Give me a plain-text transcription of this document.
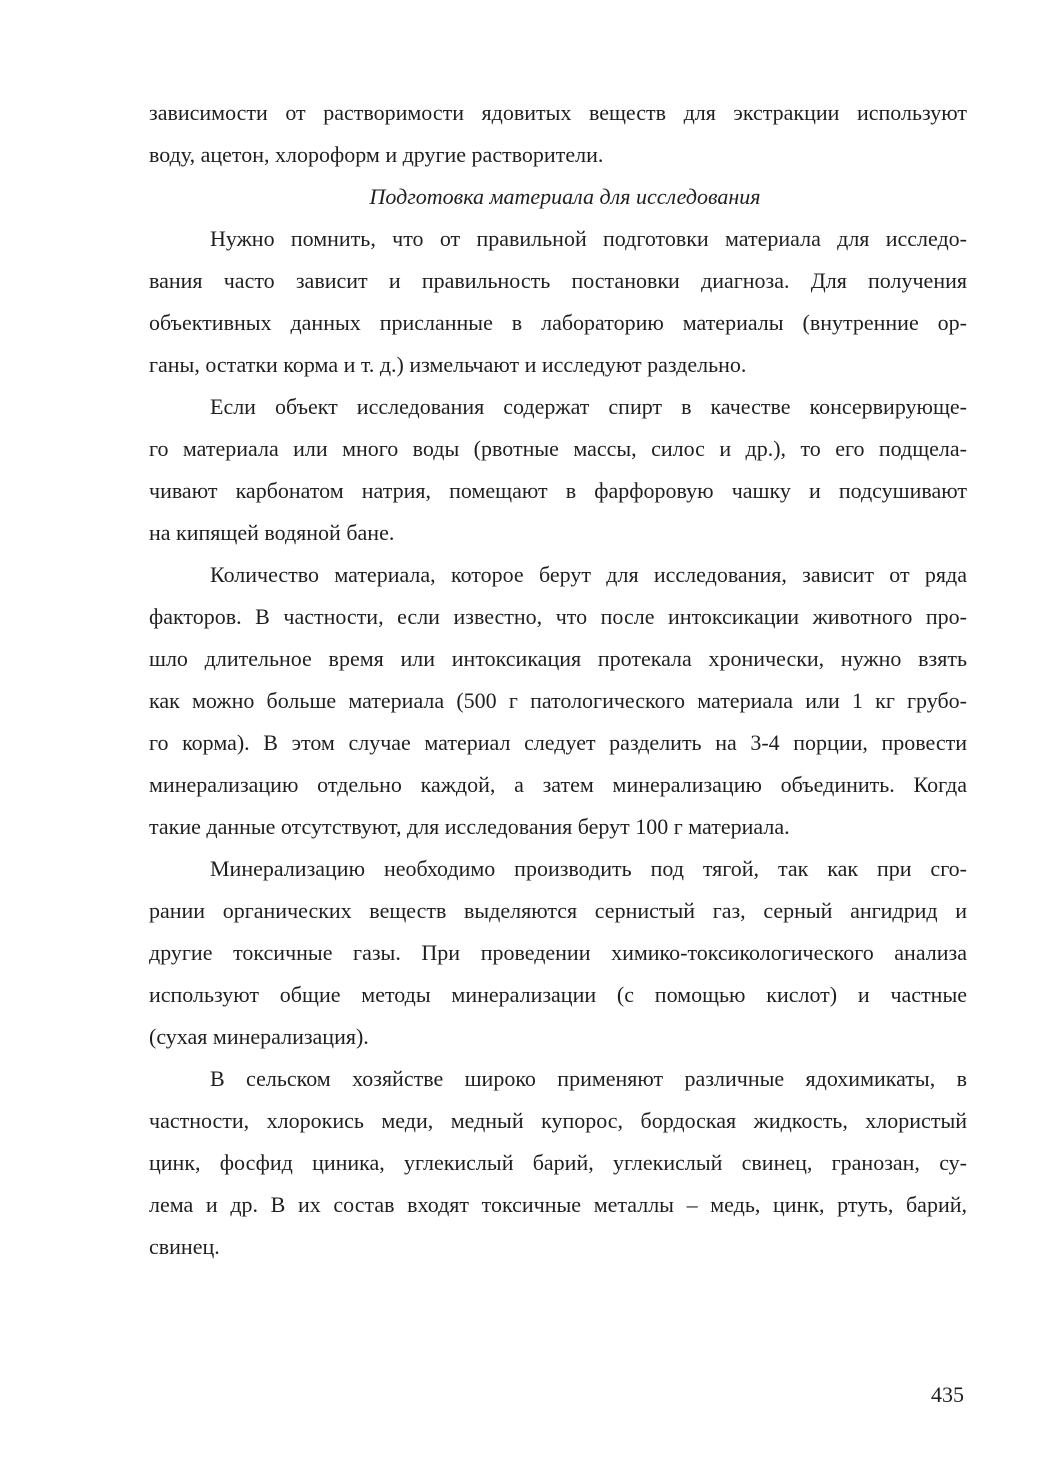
зависимости от растворимости ядовитых веществ для экстракции используют
воду, ацетон, хлороформ и другие растворители.
Подготовка материала для исследования
Нужно помнить, что от правильной подготовки материала для исследо-
вания часто зависит и правильность постановки диагноза. Для получения
объективных данных присланные в лабораторию материалы (внутренние ор-
ганы, остатки корма и т. д.) измельчают и исследуют раздельно.
Если объект исследования содержат спирт в качестве консервирующе-
го материала или много воды (рвотные массы, силос и др.), то его подщела-
чивают карбонатом натрия, помещают в фарфоровую чашку и подсушивают
на кипящей водяной бане.
Количество материала, которое берут для исследования, зависит от ряда
факторов. В частности, если известно, что после интоксикации животного про-
шло длительное время или интоксикация протекала хронически, нужно взять
как можно больше материала (500 г патологического материала или 1 кг грубо-
го корма). В этом случае материал следует разделить на 3-4 порции, провести
минерализацию отдельно каждой, а затем минерализацию объединить. Когда
такие данные отсутствуют, для исследования берут 100 г материала.
Минерализацию необходимо производить под тягой, так как при сго-
рании органических веществ выделяются сернистый газ, серный ангидрид и
другие токсичные газы. При проведении химико-токсикологического анализа
используют общие методы минерализации (с помощью кислот) и частные
(сухая минерализация).
В сельском хозяйстве широко применяют различные ядохимикаты, в
частности, хлорокись меди, медный купорос, бордоская жидкость, хлористый
цинк, фосфид циника, углекислый барий, углекислый свинец, гранозан, су-
лема и др. В их состав входят токсичные металлы – медь, цинк, ртуть, барий,
свинец.
435
